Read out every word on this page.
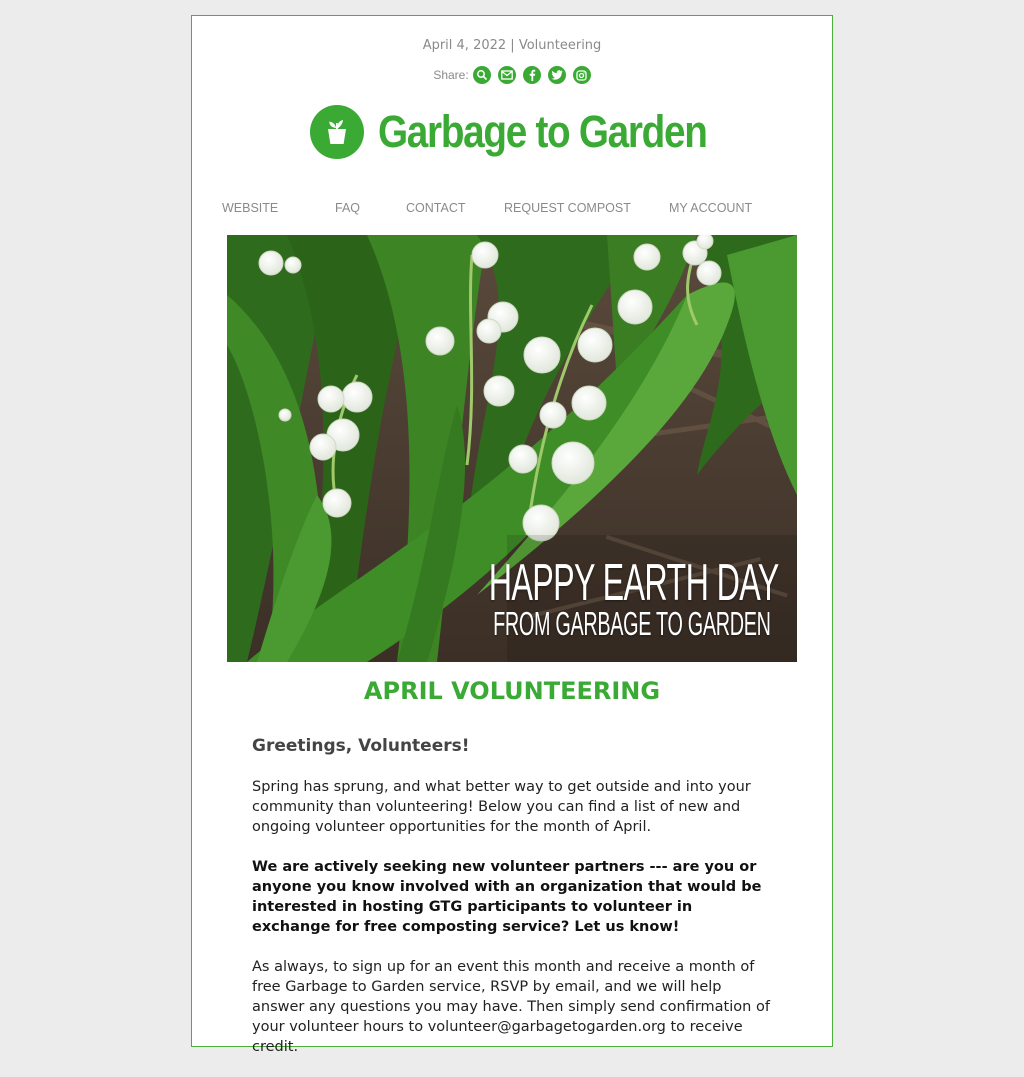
April 4, 2022 | Volunteering
Share:
Garbage to Garden
WEBSITE	FAQ	CONTACT	REQUEST COMPOST	MY ACCOUNT
HAPPY EARTH DAY
FROM GARBAGE TO GARDEN
APRIL VOLUNTEERING

Greetings, Volunteers!

Spring has sprung, and what better way to get outside and into your community than volunteering! Below you can find a list of new and ongoing volunteer opportunities for the month of April.

We are actively seeking new volunteer partners --- are you or anyone you know involved with an organization that would be interested in hosting GTG participants to volunteer in exchange for free composting service? Let us know!

As always, to sign up for an event this month and receive a month of free Garbage to Garden service, RSVP by email, and we will help answer any questions you may have. Then simply send confirmation of your volunteer hours to volunteer@garbagetogarden.org to receive credit.
